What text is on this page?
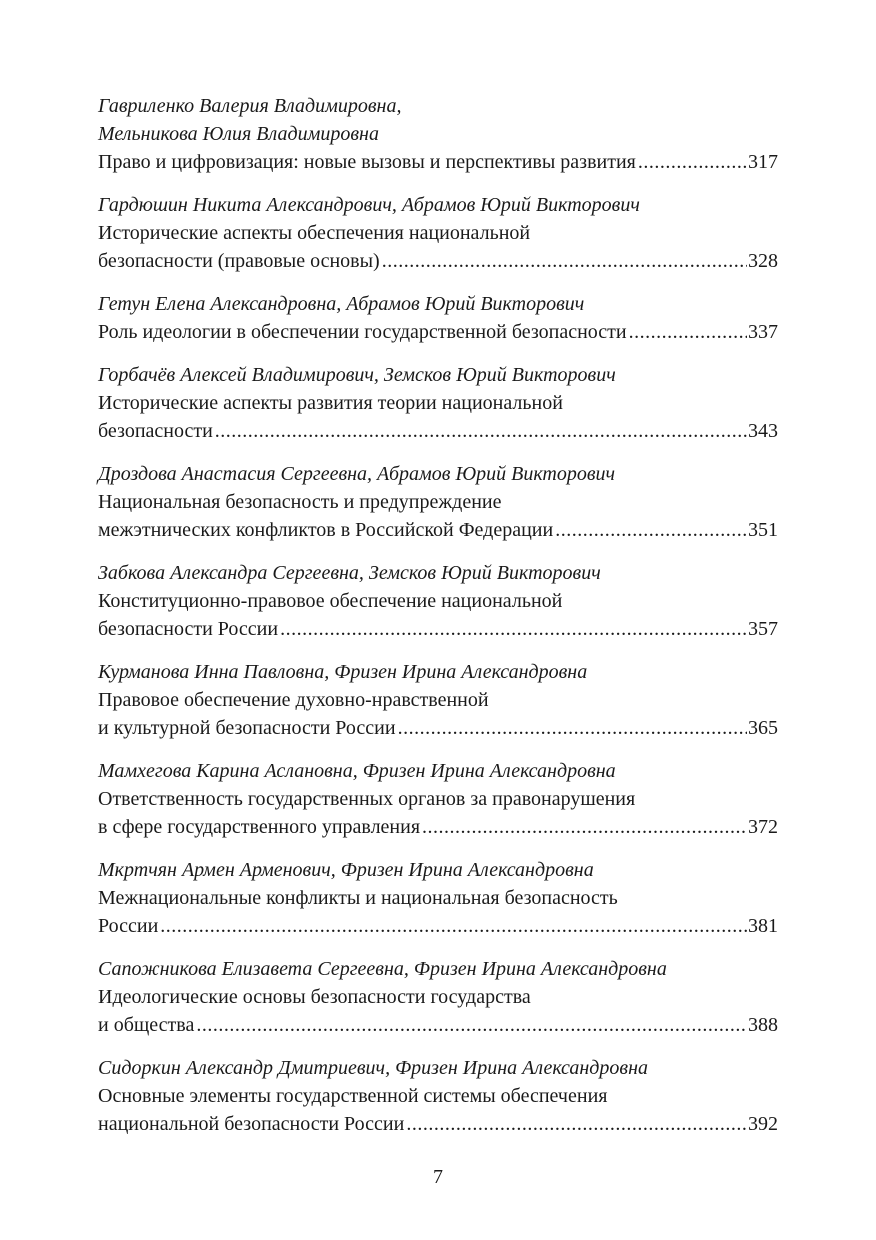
Гавриленко Валерия Владимировна,
Мельникова Юлия Владимировна
Право и цифровизация: новые вызовы и перспективы развития .....	317
Гардюшин Никита Александрович, Абрамов Юрий Викторович
Исторические аспекты обеспечения национальной
безопасности (правовые основы) .....	328
Гетун Елена Александровна, Абрамов Юрий Викторович
Роль идеологии в обеспечении государственной безопасности .....	337
Горбачёв Алексей Владимирович, Земсков Юрий Викторович
Исторические аспекты развития теории национальной
безопасности .....	343
Дроздова Анастасия Сергеевна, Абрамов Юрий Викторович
Национальная безопасность и предупреждение
межэтнических конфликтов в Российской Федерации .....	351
Забкова Александра Сергеевна, Земсков Юрий Викторович
Конституционно-правовое обеспечение национальной
безопасности России .....	357
Курманова Инна Павловна, Фризен Ирина Александровна
Правовое обеспечение духовно-нравственной
и культурной безопасности России .....	365
Мамхегова Карина Аслановна, Фризен Ирина Александровна
Ответственность государственных органов за правонарушения
в сфере государственного управления .....	372
Мкртчян Армен Арменович, Фризен Ирина Александровна
Межнациональные конфликты и национальная безопасность
России .....	381
Сапожникова Елизавета Сергеевна, Фризен Ирина Александровна
Идеологические основы безопасности государства
и общества .....	388
Сидоркин Александр Дмитриевич, Фризен Ирина Александровна
Основные элементы государственной системы обеспечения
национальной безопасности России .....	392
7
